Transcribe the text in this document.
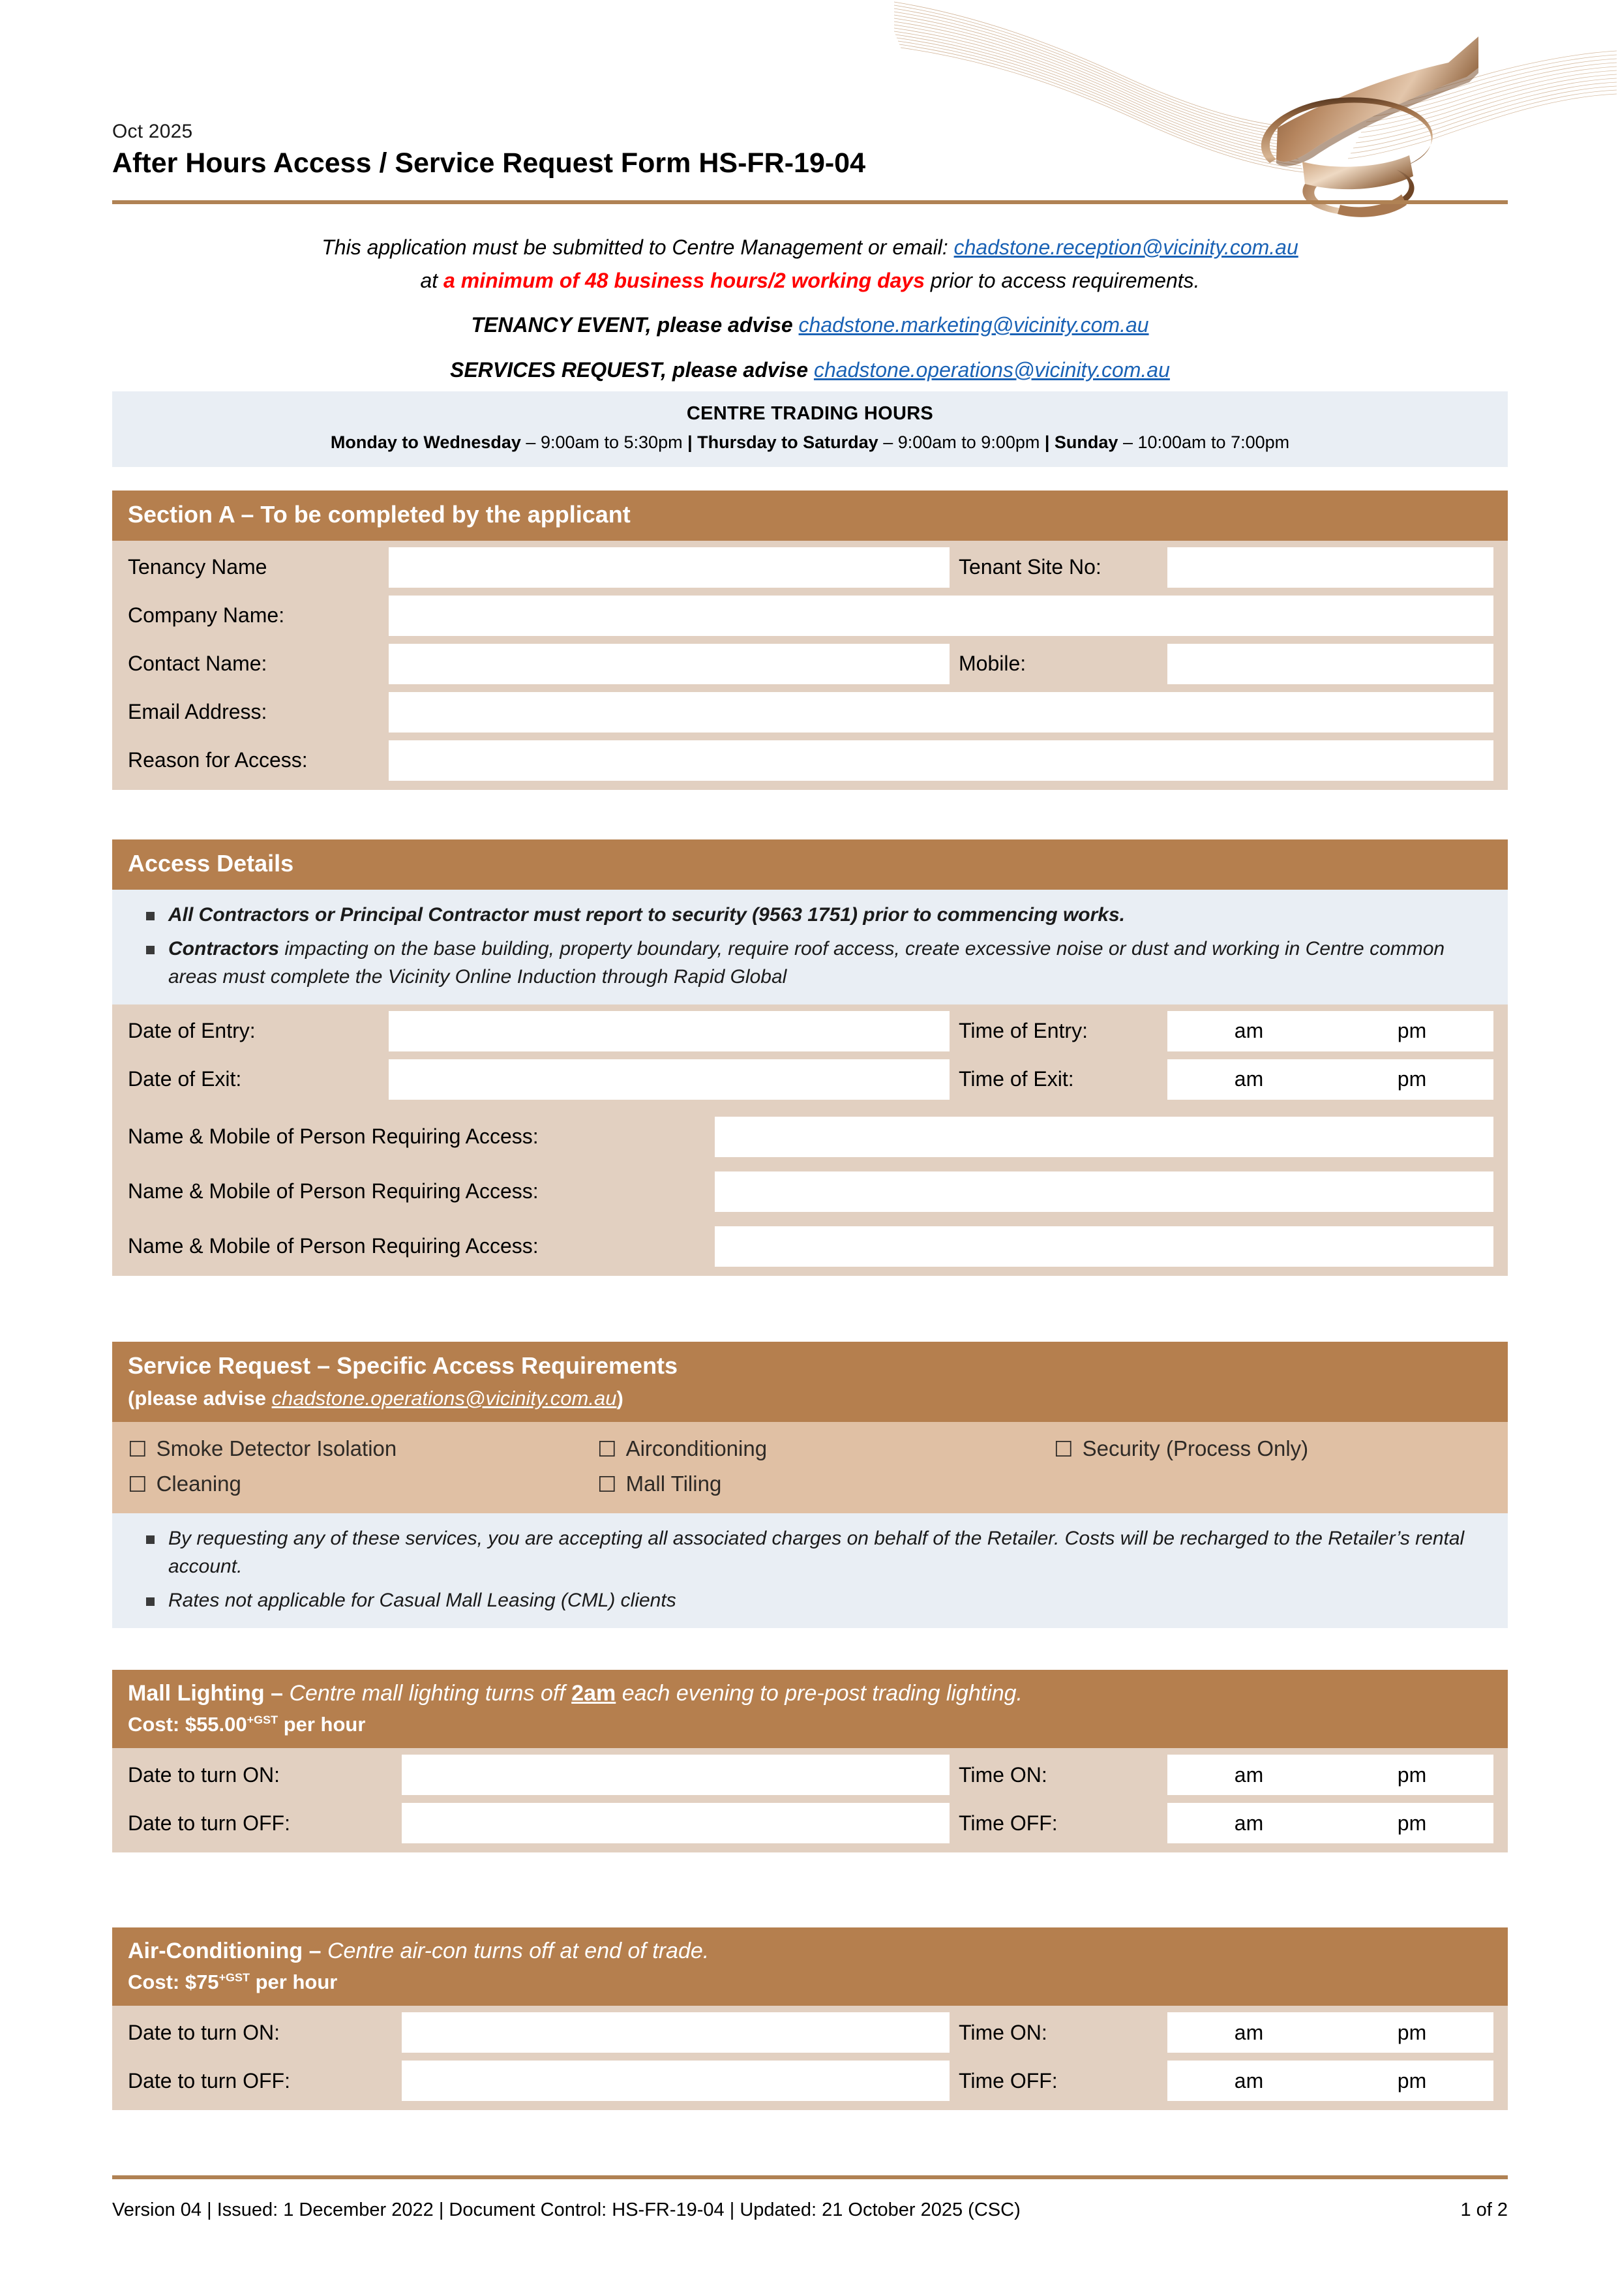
Oct 2025
After Hours Access / Service Request Form HS-FR-19-04
This application must be submitted to Centre Management or email: chadstone.reception@vicinity.com.au
at a minimum of 48 business hours/2 working days prior to access requirements.
TENANCY EVENT, please advise chadstone.marketing@vicinity.com.au
SERVICES REQUEST, please advise chadstone.operations@vicinity.com.au
CENTRE TRADING HOURS
Monday to Wednesday – 9:00am to 5:30pm | Thursday to Saturday – 9:00am to 9:00pm | Sunday – 10:00am to 7:00pm
Section A – To be completed by the applicant
Tenancy Name	Tenant Site No:
Company Name:
Contact Name:	Mobile:
Email Address:
Reason for Access:
Access Details
All Contractors or Principal Contractor must report to security (9563 1751) prior to commencing works.
Contractors impacting on the base building, property boundary, require roof access, create excessive noise or dust and working in Centre common areas must complete the Vicinity Online Induction through Rapid Global
Date of Entry:	Time of Entry:	am	pm
Date of Exit:	Time of Exit:	am	pm
Name & Mobile of Person Requiring Access:
Name & Mobile of Person Requiring Access:
Name & Mobile of Person Requiring Access:
Service Request – Specific Access Requirements
(please advise chadstone.operations@vicinity.com.au)
☐ Smoke Detector Isolation	☐ Airconditioning	☐ Security (Process Only)
☐ Cleaning	☐ Mall Tiling
By requesting any of these services, you are accepting all associated charges on behalf of the Retailer. Costs will be recharged to the Retailer’s rental account.
Rates not applicable for Casual Mall Leasing (CML) clients
Mall Lighting – Centre mall lighting turns off 2am each evening to pre-post trading lighting.
Cost: $\$55.00^{+GST}$ per hour
Date to turn ON:	Time ON:	am	pm
Date to turn OFF:	Time OFF:	am	pm
Air-Conditioning – Centre air-con turns off at end of trade.
Cost: $\$75^{+GST}$ per hour
Date to turn ON:	Time ON:	am	pm
Date to turn OFF:	Time OFF:	am	pm
Version 04 | Issued: 1 December 2022 | Document Control: HS-FR-19-04 | Updated: 21 October 2025 (CSC)	1 of 2
